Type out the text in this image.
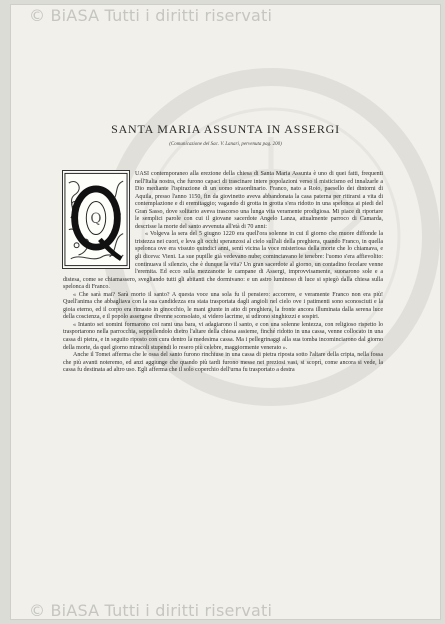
© BiASA Tutti i diritti riservati
SANTA MARIA ASSUNTA IN ASSERGI
(Comunicazione del Sac. V. Lanari, pervenuta pag. 200)
Q

UASI contemporaneo alla erezione della chiesa di Santa Maria Assunta è uno di quei fatti, frequenti nell'Italia nostra, che furono capaci di trascinare intere popolazioni verso il misticismo ed innalzarle a Dio mediante l'ispirazione di un uomo straordinario. Franco, nato a Roio, paesello dei dintorni di Aquila, presso l'anno 1150, fin da giovinetto aveva abbandonata la casa paterna per ritirarsi a vita di contemplazione e di eremitaggio; vagando di grotta in grotta s'era ridotto in una spelonca ai piedi del Gran Sasso, dove solitario aveva trascorso una lunga vita veramente prodigiosa. Mi piace di riportare le semplici parole con cui il giovane sacerdote Angelo Lanza, attualmente parroco di Camarda, descrisse la morte del santo avvenuta all'età di 70 anni:

« Volgeva la sera del 5 giugno 1220 era quell'ora solenne in cui il giorno che muore diffonde la tristezza nei cuori, e leva gli occhi speranzosi al cielo sull'ali della preghiera, quando Franco, in quella spelonca ove era vissuto quindici anni, sentì vicina la voce misteriosa della morte che lo chiamava, e gli diceva: Vieni. La sue pupille già vedevano nube; cominciavano le tenebre: l'uomo s'era affievolito: continuava il silenzio, che è dunque la vita? Un gran sacerdote al giorno, un contadino fecelare venne l'eremita. Ed ecco sulla mezzanotte le campane di Assergi, improvvisamente, suonarono sole e a distesa, come se chiamassero, svegliando tutti gli abitanti che dormivano: e un astro luminoso di luce si spiegò dalla chiesa sulla spelonca di Franco.

« Che sarà mai? Sarà morto il santo? A questa voce una sola fu il pensiero: accorrere, e veramente Franco non era più! Quell'anima che abbagliava con la sua candidezza era stata trasportata dagli angioli nel cielo ove i patimenti sono sconosciuti e la gioia eterno, ed il corpo era rimasto in ginocchio, le mani giunte in atto di preghiera, la fronte ancora illuminata dalla serena luce della coscienza, e il popolo assergese divenne sconsolato, si videro lacrime, si udirono singhiozzi e sospiri.

« Intanto sei uomini formarono coi rami una bara, vi adagiarono il santo, e con una solenne lentezza, con religioso rispetto lo trasportarono nella parrocchia, seppellendolo dietro l'altare della chiesa assieme, finché ridotto in una cassa, venne collocato in una cassa di pietra, e in seguito riposto con cura dentro la medesima cassa. Ma i pellegrinaggi alla sua tomba incominciarono dal giorno della morte, da quel giorno miracoli stupendi lo resero più celebre, maggiormente venerato ».

Anche il Tomei afferma che le ossa del santo furono rinchiuse in una cassa di pietra riposta sotto l'altare della cripta, nella fossa che più avanti noteremo, ed anzi aggiunge che quando più tardi furono messe nei preziosi vasi, si scoprì, come ancora si vede, la cassa fu destinata ad altro uso. Egli afferma che il solo coperchio dell'urna fu trasportato a destra

© BiASA Tutti i diritti riservati
